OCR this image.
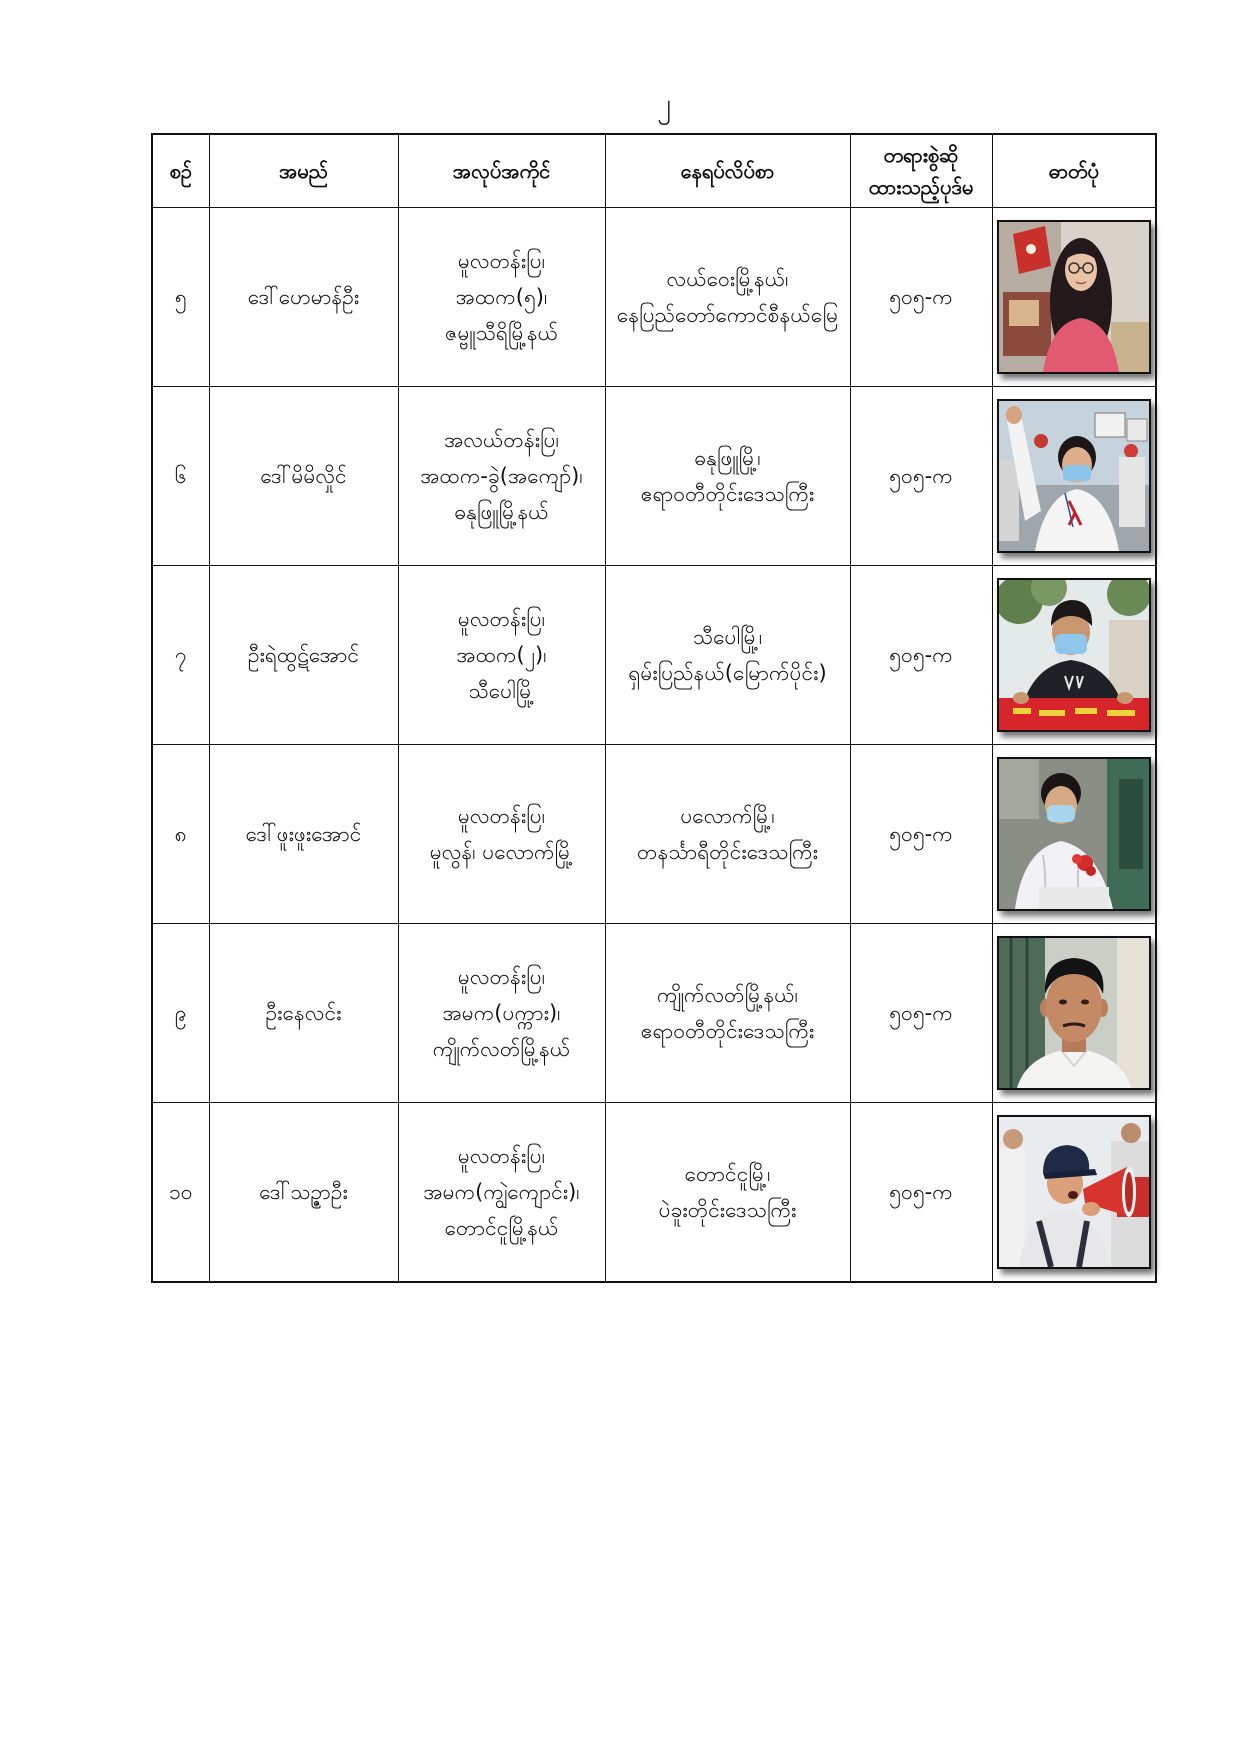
၂
စဉ်	အမည်	အလုပ်အကိုင်	နေရပ်လိပ်စာ	တရားစွဲဆို
ထားသည့်ပုဒ်မ	ဓာတ်ပုံ
၅	ဒေါ်ဟေမာန်ဦး	မူလတန်းပြ၊
အထက(၅)၊
ဇမ္ဗူသီရိမြို့နယ်	လယ်ဝေးမြို့နယ်၊
နေပြည်တော်ကောင်စီနယ်မြေ	၅၀၅-က	

၆	ဒေါ်မိမိလှိုင်	အလယ်တန်းပြ၊
အထက-ခွဲ(အကျော်)၊
ဓနုဖြူမြို့နယ်	ဓနုဖြူမြို့၊
ဧရာဝတီတိုင်းဒေသကြီး	၅၀၅-က	

၇	ဦးရဲထွဋ်အောင်	မူလတန်းပြ၊
အထက(၂)၊
သီပေါမြို့	သီပေါမြို့၊
ရှမ်းပြည်နယ်(မြောက်ပိုင်း)	၅၀၅-က	

၈	ဒေါ်ဖူးဖူးအောင်	မူလတန်းပြ၊
မူလွန်၊ ပလောက်မြို့	ပလောက်မြို့၊
တနင်္သာရီတိုင်းဒေသကြီး	၅၀၅-က	

၉	ဦးနေလင်း	မူလတန်းပြ၊
အမက(ပက္ကား)၊
ကျိုက်လတ်မြို့နယ်	ကျိုက်လတ်မြို့နယ်၊
ဧရာဝတီတိုင်းဒေသကြီး	၅၀၅-က	

၁၀	ဒေါ်သဥ္ဇာဦး	မူလတန်းပြ၊
အမက(ကျွဲကျောင်း)၊
တောင်ငူမြို့နယ်	တောင်ငူမြို့၊
ပဲခူးတိုင်းဒေသကြီး	၅၀၅-က	
